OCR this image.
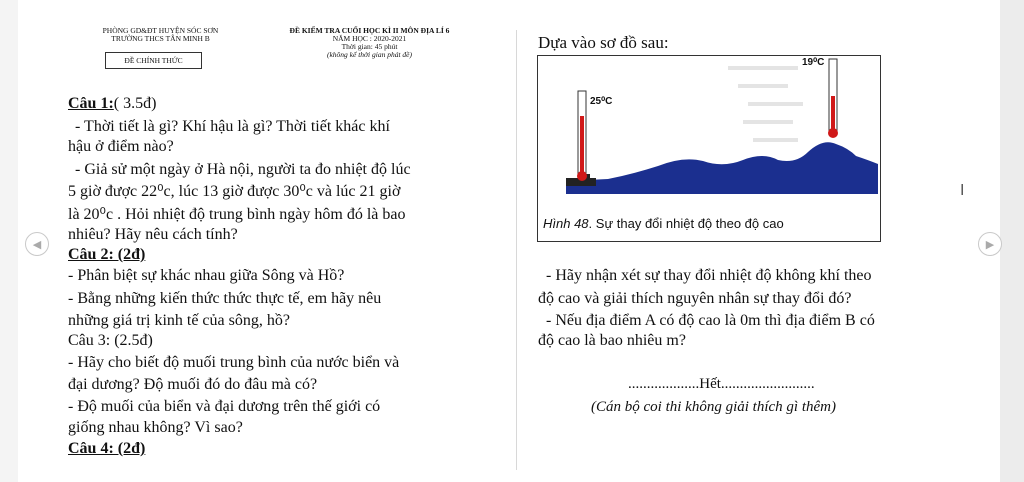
◀	▶
I
PHÒNG GD&ĐT HUYỆN SÓC SƠN
TRƯỜNG THCS TÂN MINH B
ĐỀ CHÍNH THỨC
ĐỀ KIỂM TRA CUỐI HỌC KÌ II MÔN ĐỊA LÍ 6
NĂM HỌC : 2020-2021
Thời gian: 45 phút
(không kể thời gian phát đề)
Câu 1:( 3.5đ)
- Thời tiết là gì? Khí hậu là gì? Thời tiết khác khí
hậu ở điểm nào?
- Giả sử một ngày ở Hà nội, người ta đo nhiệt độ lúc
5 giờ được 22⁰c, lúc 13 giờ được 30⁰c và lúc 21 giờ
là 20⁰c . Hỏi nhiệt độ trung bình ngày hôm đó là bao
nhiêu? Hãy nêu cách tính?
Câu 2: (2đ)
- Phân biệt sự khác nhau giữa Sông và Hồ?
- Bằng những kiến thức thức thực tế, em hãy nêu
những giá trị kinh tế của sông, hồ?
Câu 3: (2.5đ)
- Hãy cho biết độ muối trung bình của nước biển và
đại dương? Độ muối đó do đâu mà có?
- Độ muối của biển và đại dương trên thế giới có
giống nhau không? Vì sao?
Câu 4: (2đ)
Dựa vào sơ đồ sau:
19⁰C
25⁰C
Hình 48. Sự thay đổi nhiệt độ theo độ cao
- Hãy nhận xét sự thay đổi nhiệt độ không khí theo
độ cao và giải thích nguyên nhân sự thay đổi đó?
- Nếu địa điểm A có độ cao là 0m thì địa điểm B có
độ cao là bao nhiêu m?
...................Hết.........................
(Cán bộ coi thi không giải thích gì thêm)
